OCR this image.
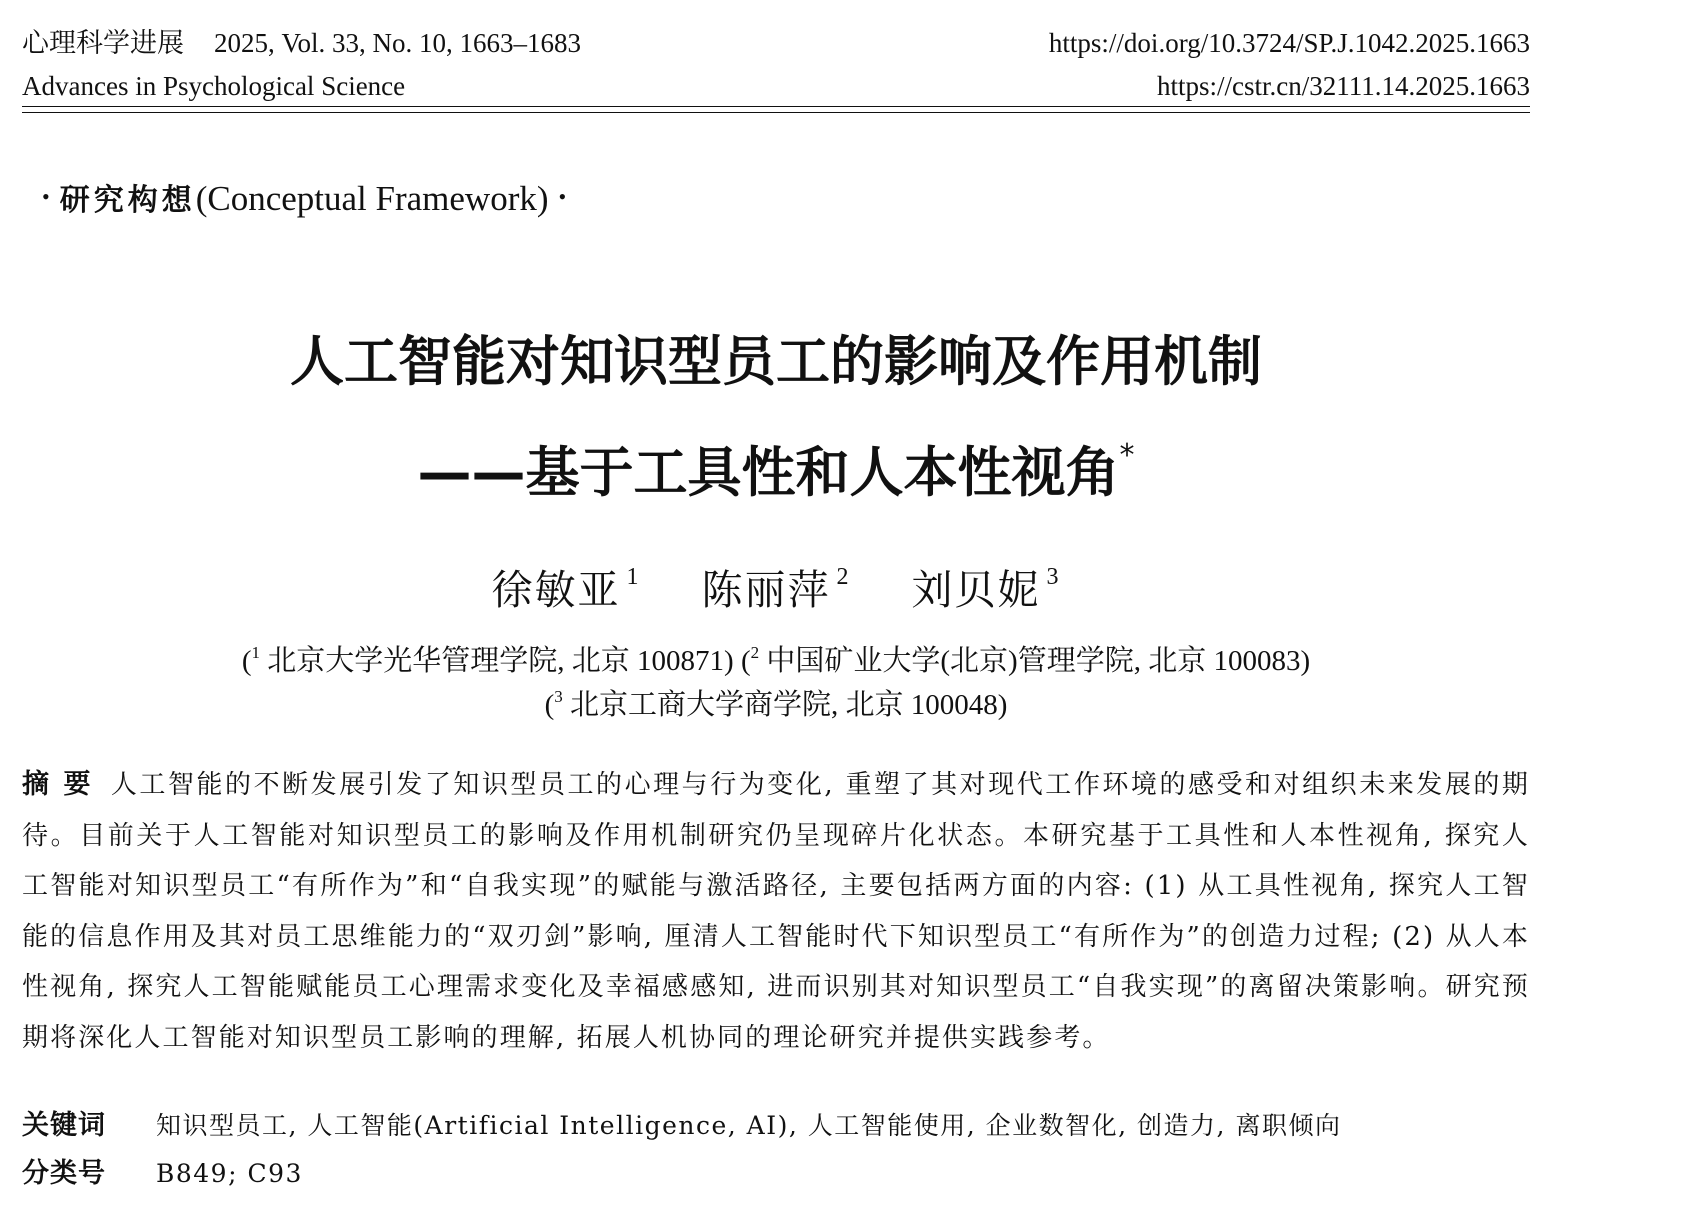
心理科学进展 2025, Vol. 33, No. 10, 1663–1683	https://doi.org/10.3724/SP.J.1042.2025.1663
Advances in Psychological Science	https://cstr.cn/32111.14.2025.1663
• 研究构想(Conceptual Framework) •
人工智能对知识型员工的影响及作用机制
——基于工具性和人本性视角*
徐敏亚 $^1$ 陈丽萍 $^2$ 刘贝妮 $^3$
($^1$ 北京大学光华管理学院, 北京 100871) ($^2$ 中国矿业大学(北京)管理学院, 北京 100083)
($^3$ 北京工商大学商学院, 北京 100048)
摘要 人工智能的不断发展引发了知识型员工的心理与行为变化, 重塑了其对现代工作环境的感受和对组织未来发展的期待。目前关于人工智能对知识型员工的影响及作用机制研究仍呈现碎片化状态。本研究基于工具性和人本性视角, 探究人工智能对知识型员工“有所作为”和“自我实现”的赋能与激活路径, 主要包括两方面的内容: (1) 从工具性视角, 探究人工智能的信息作用及其对员工思维能力的“双刃剑”影响, 厘清人工智能时代下知识型员工“有所作为”的创造力过程; (2) 从人本性视角, 探究人工智能赋能员工心理需求变化及幸福感感知, 进而识别其对知识型员工“自我实现”的离留决策影响。研究预期将深化人工智能对知识型员工影响的理解, 拓展人机协同的理论研究并提供实践参考。
关键词 知识型员工, 人工智能(Artificial Intelligence, AI), 人工智能使用, 企业数智化, 创造力, 离职倾向
分类号 B849; C93
